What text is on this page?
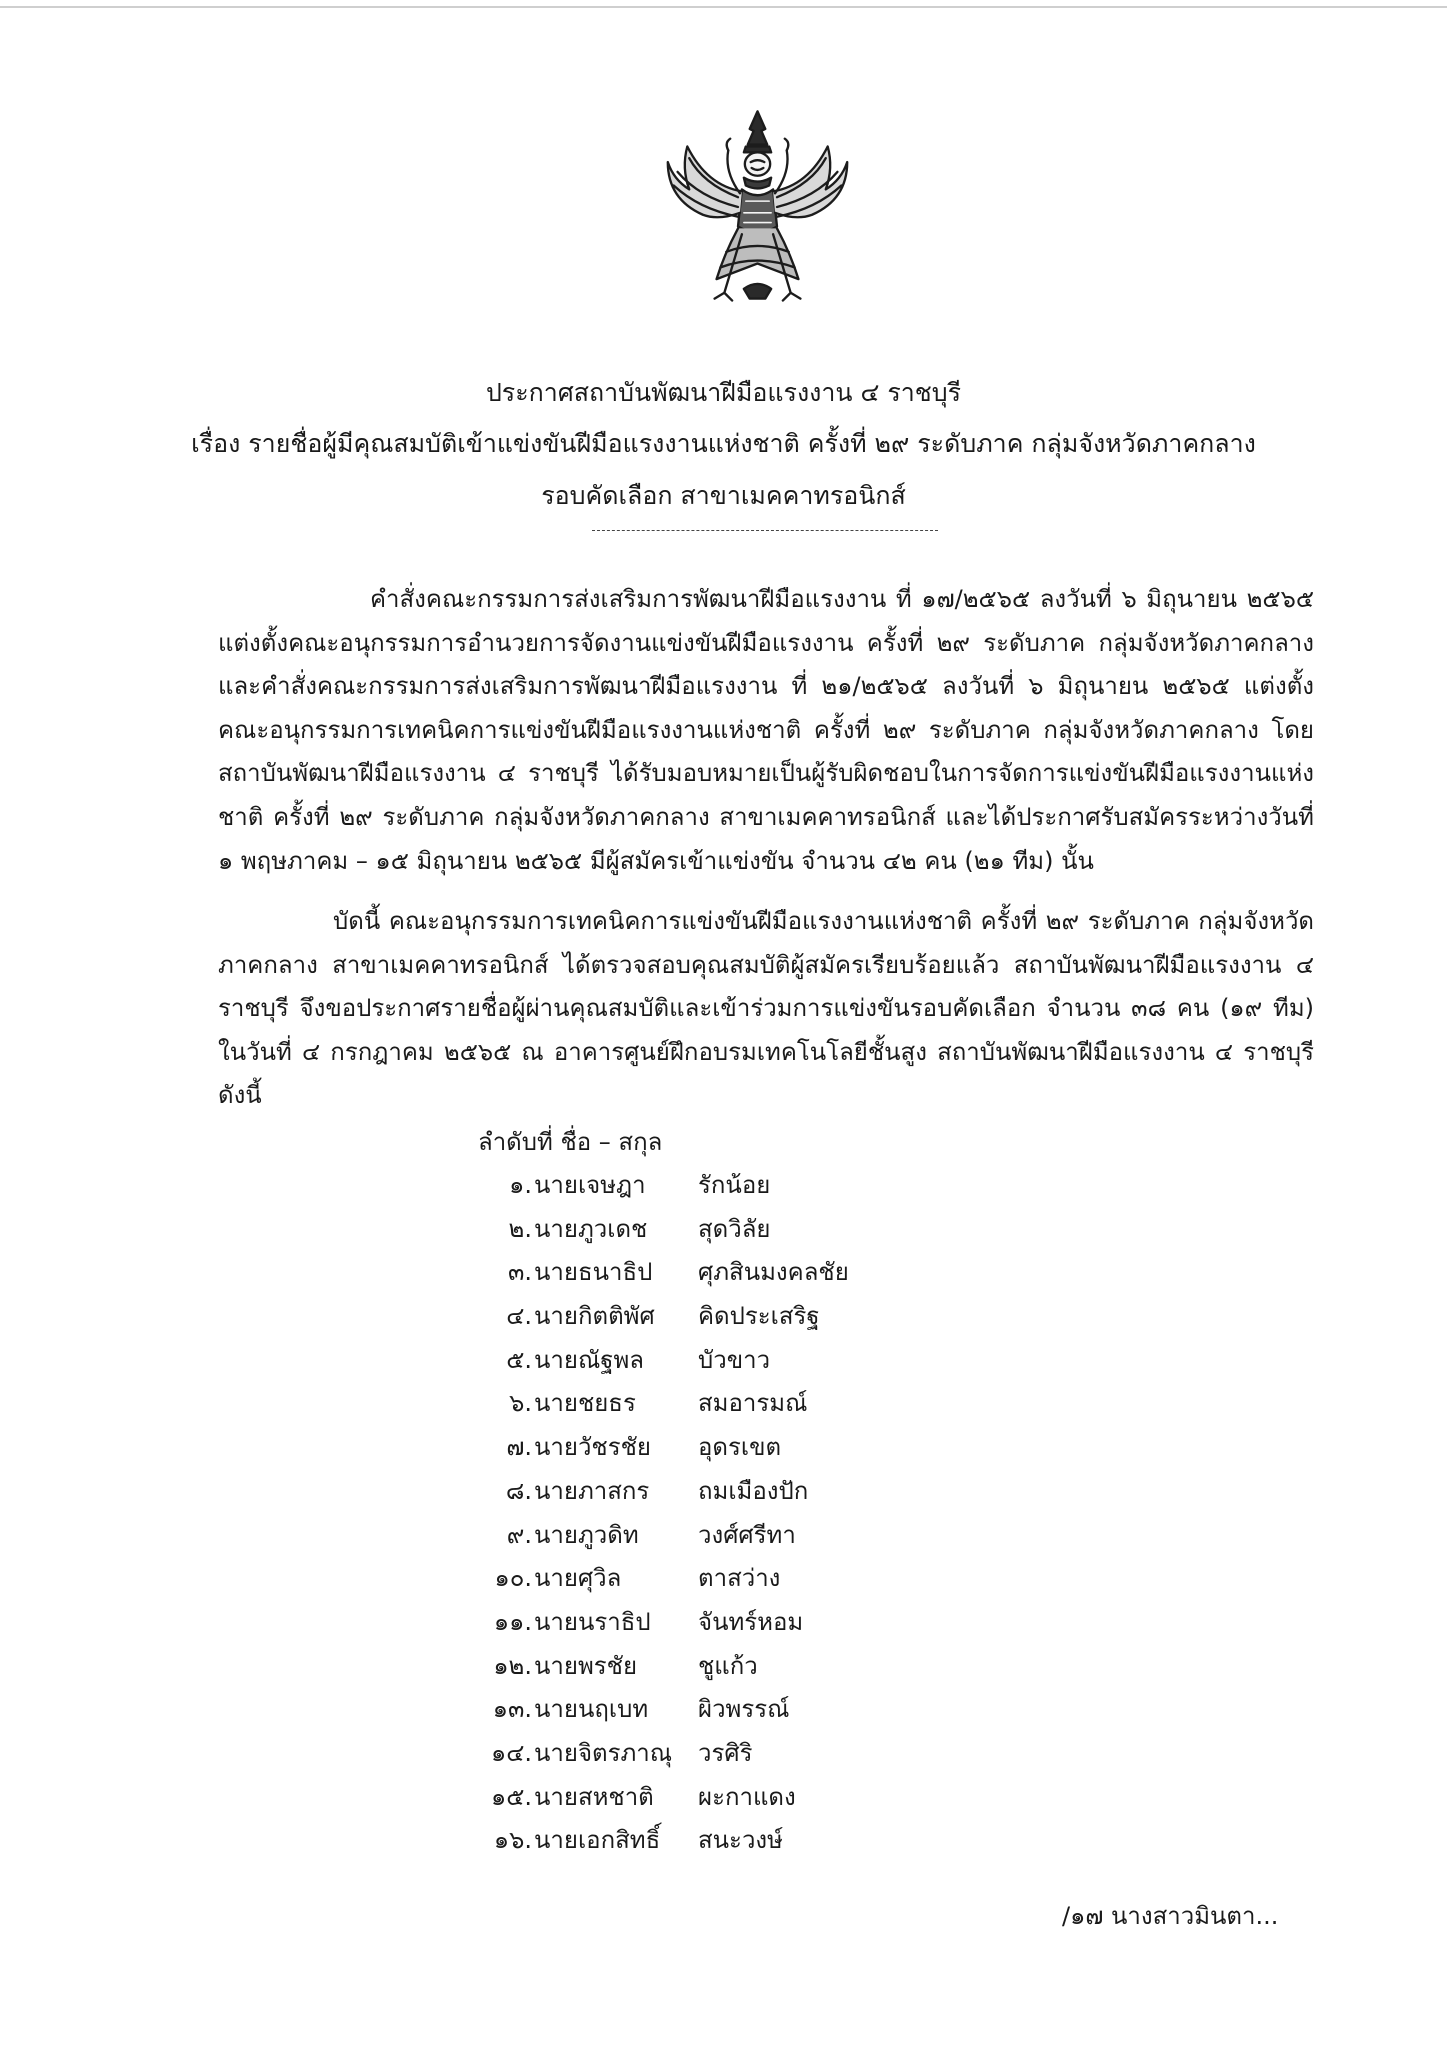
ประกาศสถาบันพัฒนาฝีมือแรงงาน ๔ ราชบุรี
เรื่อง รายชื่อผู้มีคุณสมบัติเข้าแข่งขันฝีมือแรงงานแห่งชาติ ครั้งที่ ๒๙ ระดับภาค กลุ่มจังหวัดภาคกลาง
รอบคัดเลือก สาขาเมคคาทรอนิกส์
คำสั่งคณะกรรมการส่งเสริมการพัฒนาฝีมือแรงงาน ที่ ๑๗/๒๕๖๕ ลงวันที่ ๖ มิถุนายน ๒๕๖๕ แต่งตั้งคณะอนุกรรมการอำนวยการจัดงานแข่งขันฝีมือแรงงาน ครั้งที่ ๒๙ ระดับภาค กลุ่มจังหวัดภาคกลาง และคำสั่งคณะกรรมการส่งเสริมการพัฒนาฝีมือแรงงาน ที่ ๒๑/๒๕๖๕ ลงวันที่ ๖ มิถุนายน ๒๕๖๕ แต่งตั้งคณะอนุกรรมการเทคนิคการแข่งขันฝีมือแรงงานแห่งชาติ ครั้งที่ ๒๙ ระดับภาค กลุ่มจังหวัดภาคกลาง โดยสถาบันพัฒนาฝีมือแรงงาน ๔ ราชบุรี ได้รับมอบหมายเป็นผู้รับผิดชอบในการจัดการแข่งขันฝีมือแรงงานแห่งชาติ ครั้งที่ ๒๙ ระดับภาค กลุ่มจังหวัดภาคกลาง สาขาเมคคาทรอนิกส์ และได้ประกาศรับสมัครระหว่างวันที่ ๑ พฤษภาคม – ๑๕ มิถุนายน ๒๕๖๕ มีผู้สมัครเข้าแข่งขัน จำนวน ๔๒ คน (๒๑ ทีม) นั้น
บัดนี้ คณะอนุกรรมการเทคนิคการแข่งขันฝีมือแรงงานแห่งชาติ ครั้งที่ ๒๙ ระดับภาค กลุ่มจังหวัดภาคกลาง สาขาเมคคาทรอนิกส์ ได้ตรวจสอบคุณสมบัติผู้สมัครเรียบร้อยแล้ว สถาบันพัฒนาฝีมือแรงงาน ๔ ราชบุรี จึงขอประกาศรายชื่อผู้ผ่านคุณสมบัติและเข้าร่วมการแข่งขันรอบคัดเลือก จำนวน ๓๘ คน (๑๙ ทีม) ในวันที่ ๔ กรกฎาคม ๒๕๖๕ ณ อาคารศูนย์ฝึกอบรมเทคโนโลยีชั้นสูง สถาบันพัฒนาฝีมือแรงงาน ๔ ราชบุรี ดังนี้
ลำดับที่ ชื่อ – สกุล
๑. นายเจษฎา รักน้อย
๒. นายภูวเดช สุดวิลัย
๓. นายธนาธิป ศุภสินมงคลชัย
๔. นายกิตติพัศ คิดประเสริฐ
๕. นายณัฐพล บัวขาว
๖. นายชยธร	สมอารมณ์
๗. นายวัชรชัย อุดรเขต
๘. นายภาสกร ถมเมืองปัก
๙. นายภูวดิท วงศ์ศรีทา
๑๐. นายศุวิล	ตาสว่าง
๑๑. นายนราธิป จันทร์หอม
๑๒. นายพรชัย	ชูแก้ว
๑๓. นายนฤเบท ผิวพรรณ์
๑๔. นายจิตรภาณุ วรศิริ
๑๕. นายสหชาติ ผะกาแดง
๑๖. นายเอกสิทธิ์ สนะวงษ์
/๑๗ นางสาวมินตา...
